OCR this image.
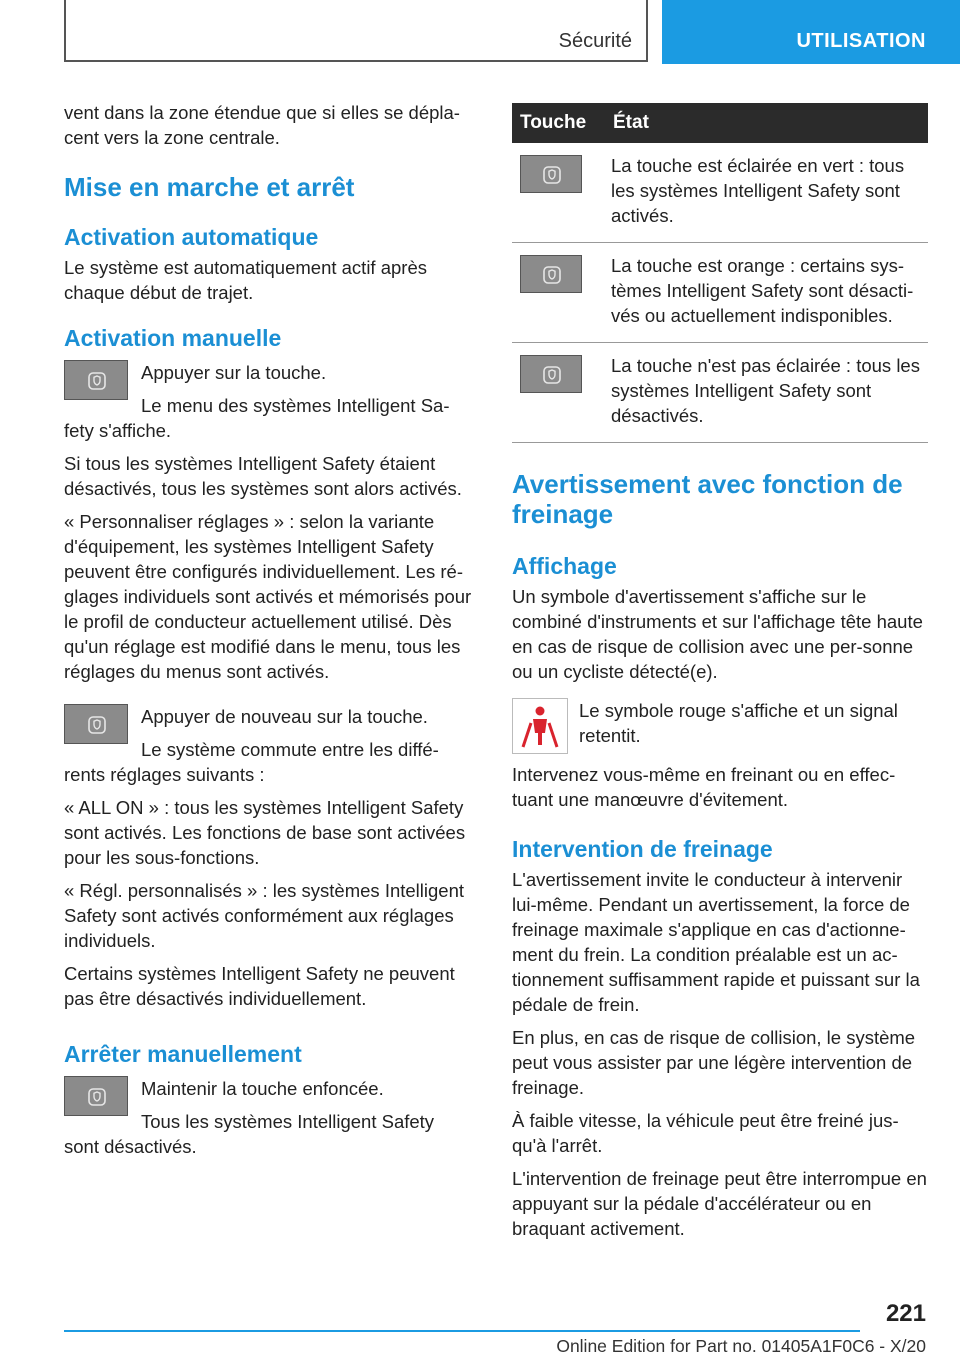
Sécurité	UTILISATION

vent dans la zone étendue que si elles se dépla-cent vers la zone centrale.

Mise en marche et arrêt
Activation automatique

Le système est automatiquement actif après chaque début de trajet.

Activation manuelle

Appuyer sur la touche.

Le menu des systèmes Intelligent Sa-

fety s'affiche.

Si tous les systèmes Intelligent Safety étaient désactivés, tous les systèmes sont alors activés.

« Personnaliser réglages » : selon la variante d'équipement, les systèmes Intelligent Safety peuvent être configurés individuellement. Les ré-glages individuels sont activés et mémorisés pour le profil de conducteur actuellement utilisé. Dès qu'un réglage est modifié dans le menu, tous les réglages du menus sont activés.

Appuyer de nouveau sur la touche.

Le système commute entre les diffé-

rents réglages suivants :

« ALL ON » : tous les systèmes Intelligent Safety sont activés. Les fonctions de base sont activées pour les sous-fonctions.

« Régl. personnalisés » : les systèmes Intelligent Safety sont activés conformément aux réglages individuels.

Certains systèmes Intelligent Safety ne peuvent pas être désactivés individuellement.

Arrêter manuellement

Maintenir la touche enfoncée.

Tous les systèmes Intelligent Safety

sont désactivés.

Touche	État

	La touche est éclairée en vert : tous les systèmes Intelligent Safety sont activés.

	La touche est orange : certains sys-tèmes Intelligent Safety sont désacti-vés ou actuellement indisponibles.

	La touche n'est pas éclairée : tous les systèmes Intelligent Safety sont désactivés.
Avertissement avec fonction de freinage
Affichage

Un symbole d'avertissement s'affiche sur le combiné d'instruments et sur l'affichage tête haute en cas de risque de collision avec une per-sonne ou un cycliste détecté(e).

Le symbole rouge s'affiche et un signal retentit.

Intervenez vous-même en freinant ou en effec-tuant une manœuvre d'évitement.

Intervention de freinage

L'avertissement invite le conducteur à intervenir lui-même. Pendant un avertissement, la force de freinage maximale s'applique en cas d'actionne-ment du frein. La condition préalable est un ac-tionnement suffisamment rapide et puissant sur la pédale de frein.

En plus, en cas de risque de collision, le système peut vous assister par une légère intervention de freinage.

À faible vitesse, la véhicule peut être freiné jus-qu'à l'arrêt.

L'intervention de freinage peut être interrompue en appuyant sur la pédale d'accélérateur ou en braquant activement.

221
Online Edition for Part no. 01405A1F0C6 - X/20
